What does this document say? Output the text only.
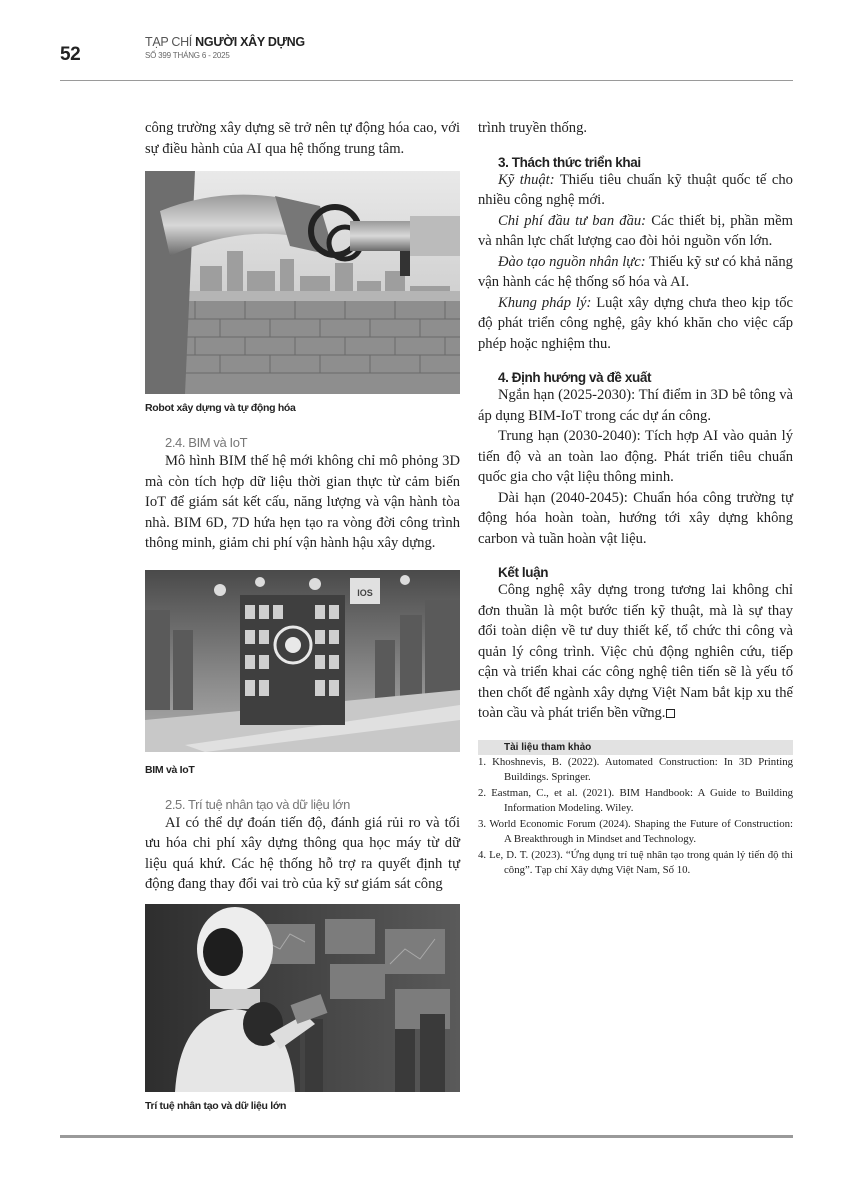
52
TẠP CHÍ NGƯỜI XÂY DỰNG
SỐ 399 THÁNG 6 - 2025

công trường xây dựng sẽ trở nên tự động hóa cao, với sự điều hành của AI qua hệ thống trung tâm.

Robot xây dựng và tự động hóa
2.4. BIM và IoT

Mô hình BIM thế hệ mới không chỉ mô phỏng 3D mà còn tích hợp dữ liệu thời gian thực từ cảm biến IoT để giám sát kết cấu, năng lượng và vận hành tòa nhà. BIM 6D, 7D hứa hẹn tạo ra vòng đời công trình thông minh, giảm chi phí vận hành hậu xây dựng.

IOS
BIM và IoT
2.5. Trí tuệ nhân tạo và dữ liệu lớn

AI có thể dự đoán tiến độ, đánh giá rủi ro và tối ưu hóa chi phí xây dựng thông qua học máy từ dữ liệu quá khứ. Các hệ thống hỗ trợ ra quyết định tự động đang thay đổi vai trò của kỹ sư giám sát công

Trí tuệ nhân tạo và dữ liệu lớn

trình truyền thống.

3. Thách thức triển khai

Kỹ thuật: Thiếu tiêu chuẩn kỹ thuật quốc tế cho nhiều công nghệ mới.

Chi phí đầu tư ban đầu: Các thiết bị, phần mềm và nhân lực chất lượng cao đòi hỏi nguồn vốn lớn.

Đào tạo nguồn nhân lực: Thiếu kỹ sư có khả năng vận hành các hệ thống số hóa và AI.

Khung pháp lý: Luật xây dựng chưa theo kịp tốc độ phát triển công nghệ, gây khó khăn cho việc cấp phép hoặc nghiệm thu.

4. Định hướng và đề xuất

Ngắn hạn (2025-2030): Thí điểm in 3D bê tông và áp dụng BIM-IoT trong các dự án công.

Trung hạn (2030-2040): Tích hợp AI vào quản lý tiến độ và an toàn lao động. Phát triển tiêu chuẩn quốc gia cho vật liệu thông minh.

Dài hạn (2040-2045): Chuẩn hóa công trường tự động hóa hoàn toàn, hướng tới xây dựng không carbon và tuần hoàn vật liệu.

Kết luận

Công nghệ xây dựng trong tương lai không chỉ đơn thuần là một bước tiến kỹ thuật, mà là sự thay đổi toàn diện về tư duy thiết kế, tổ chức thi công và quản lý công trình. Việc chủ động nghiên cứu, tiếp cận và triển khai các công nghệ tiên tiến sẽ là yếu tố then chốt để ngành xây dựng Việt Nam bắt kịp xu thế toàn cầu và phát triển bền vững.

Tài liệu tham khảo
1. Khoshnevis, B. (2022). Automated Construction: In 3D Printing Buildings. Springer.
2. Eastman, C., et al. (2021). BIM Handbook: A Guide to Building Information Modeling. Wiley.
3. World Economic Forum (2024). Shaping the Future of Construction: A Breakthrough in Mindset and Technology.
4. Le, D. T. (2023). “Ứng dụng trí tuệ nhân tạo trong quản lý tiến độ thi công”. Tạp chí Xây dựng Việt Nam, Số 10.
